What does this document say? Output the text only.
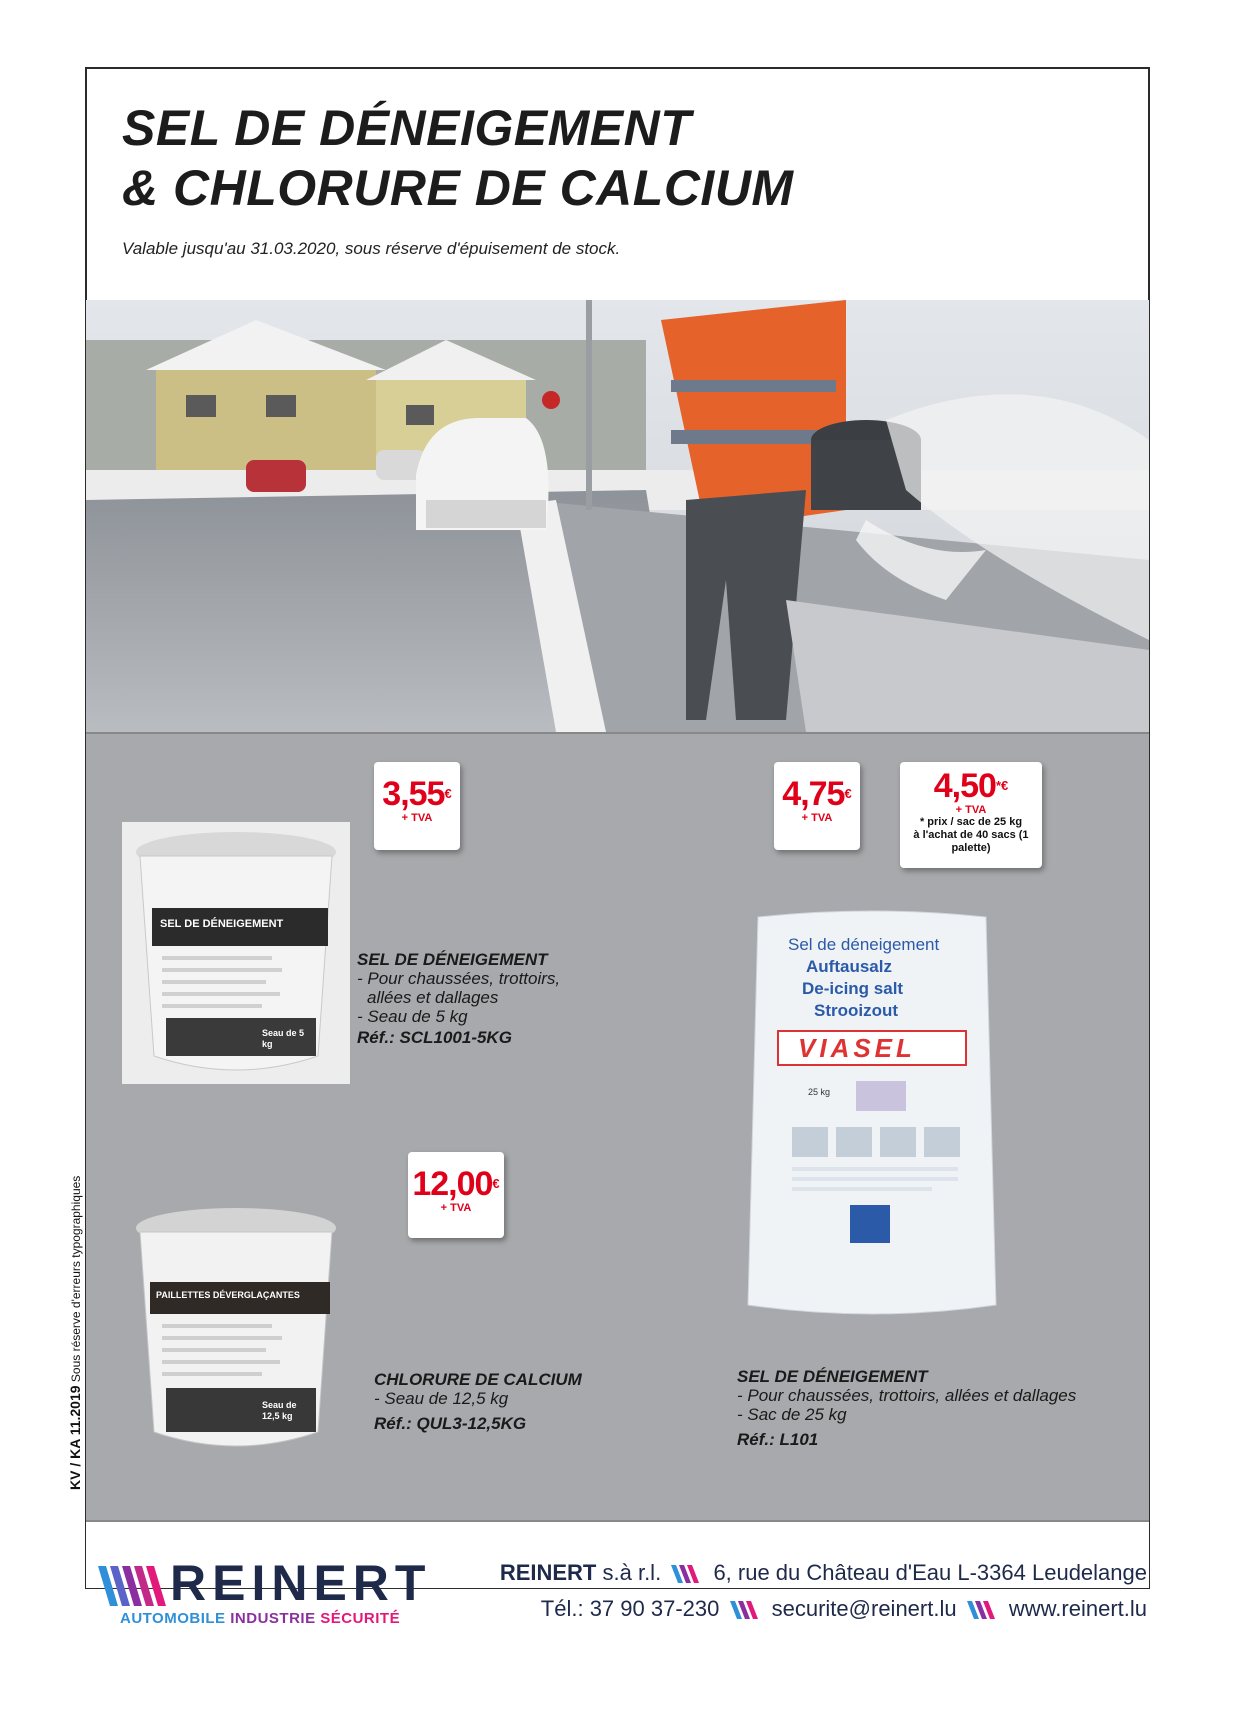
SEL DE DÉNEIGEMENT
& CHLORURE DE CALCIUM
Valable jusqu'au 31.03.2020, sous réserve d'épuisement de stock.
3,55€
+ TVA
4,75€
+ TVA
4,50*€
+ TVA
* prix / sac de 25 kg
à l'achat de 40 sacs (1 palette)
12,00€
+ TVA
SEL DE DÉNEIGEMENT
Seau de 5 kg
PAILLETTES DÉVERGLAÇANTES
Seau de 12,5 kg
Sel de déneigement
Auftausalz
De-icing salt
Strooizout
VIASEL
25 kg
SEL DE DÉNEIGEMENT
- Pour chaussées, trottoirs,
allées et dallages
- Seau de 5 kg
Réf.: SCL1001-5KG
CHLORURE DE CALCIUM
- Seau de 12,5 kg
Réf.: QUL3-12,5KG
SEL DE DÉNEIGEMENT
- Pour chaussées, trottoirs, allées et dallages
- Sac de 25 kg
Réf.: L101
KV / KA 11.2019 Sous réserve d'erreurs typographiques
REINERT
AUTOMOBILE INDUSTRIE SÉCURITÉ
REINERT s.à r.l. 6, rue du Château d'Eau L-3364 Leudelange
Tél.: 37 90 37-230 securite@reinert.lu www.reinert.lu
